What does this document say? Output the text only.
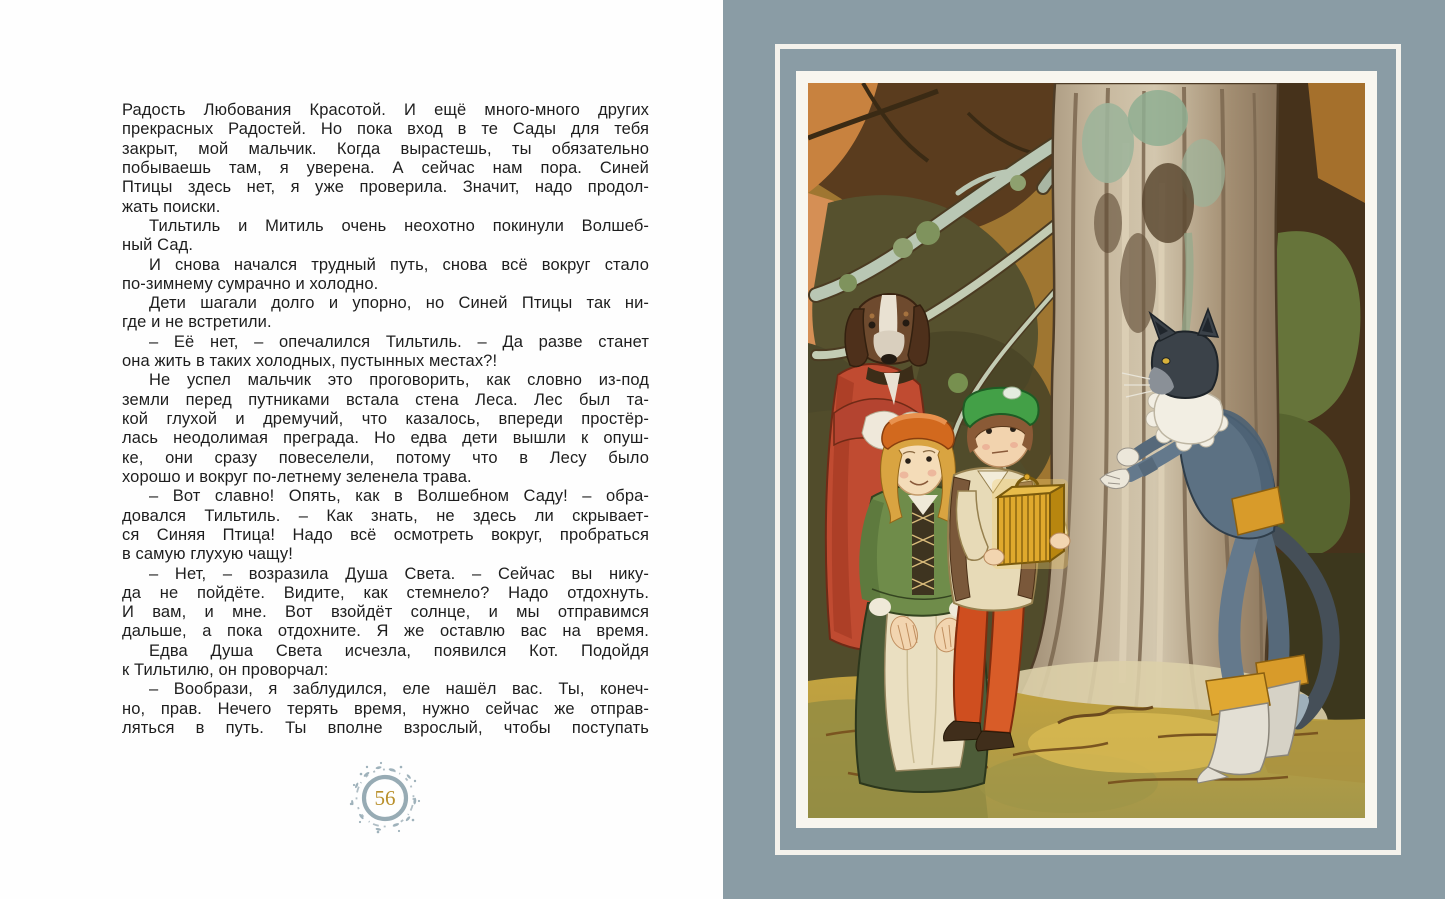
Радость Любования Красотой. И ещё много-много других
прекрасных Радостей. Но пока вход в те Сады для тебя
закрыт, мой мальчик. Когда вырастешь, ты обязательно
побываешь там, я уверена. А сейчас нам пора. Синей
Птицы здесь нет, я уже проверила. Значит, надо продол-
жать поиски.
Тильтиль и Митиль очень неохотно покинули Волшеб-
ный Сад.
И снова начался трудный путь, снова всё вокруг стало
по-зимнему сумрачно и холодно.
Дети шагали долго и упорно, но Синей Птицы так ни-
где и не встретили.
– Её нет, – опечалился Тильтиль. – Да разве станет
она жить в таких холодных, пустынных местах?!
Не успел мальчик это проговорить, как словно из-под
земли перед путниками встала стена Леса. Лес был та-
кой глухой и дремучий, что казалось, впереди простёр-
лась неодолимая преграда. Но едва дети вышли к опуш-
ке, они сразу повеселели, потому что в Лесу было
хорошо и вокруг по-летнему зеленела трава.
– Вот славно! Опять, как в Волшебном Саду! – обра-
довался Тильтиль. – Как знать, не здесь ли скрывает-
ся Синяя Птица! Надо всё осмотреть вокруг, пробраться
в самую глухую чащу!
– Нет, – возразила Душа Света. – Сейчас вы нику-
да не пойдёте. Видите, как стемнело? Надо отдохнуть.
И вам, и мне. Вот взойдёт солнце, и мы отправимся
дальше, а пока отдохните. Я же оставлю вас на время.
Едва Душа Света исчезла, появился Кот. Подойдя
к Тильтилю, он проворчал:
– Вообрази, я заблудился, еле нашёл вас. Ты, конеч-
но, прав. Нечего терять время, нужно сейчас же отправ-
ляться в путь. Ты вполне взрослый, чтобы поступать
56
